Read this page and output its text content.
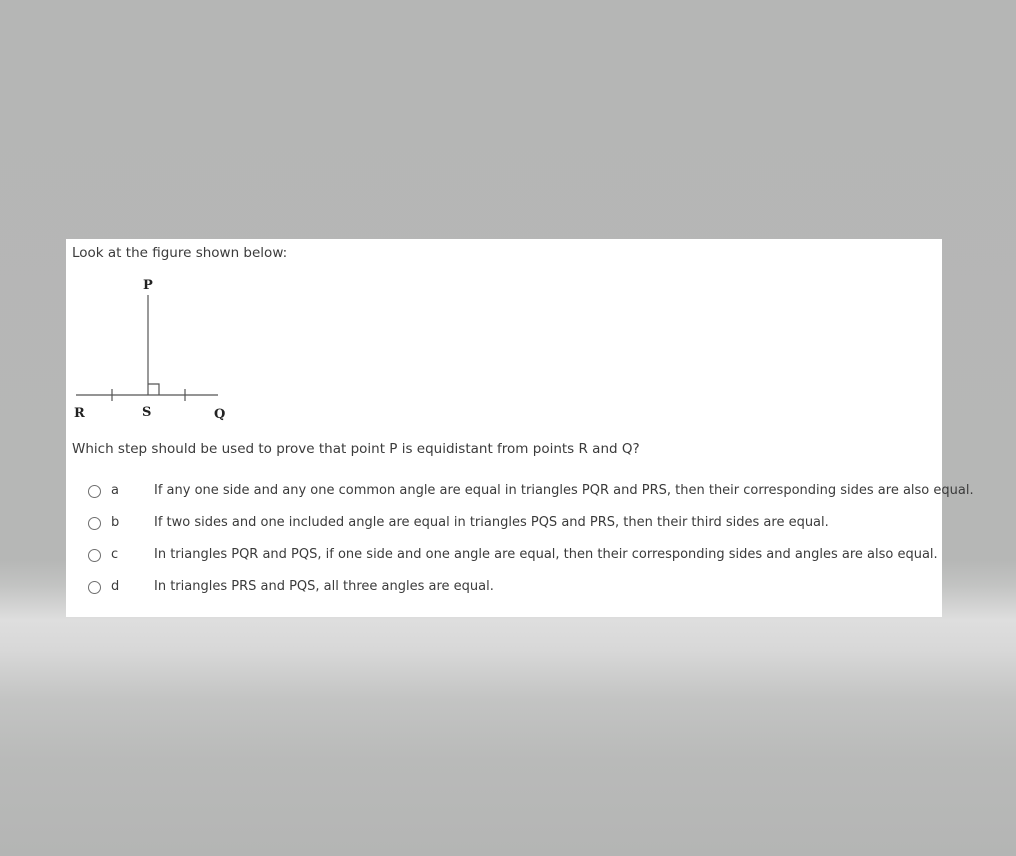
Look at the figure shown below:
P
R	S	Q
Which step should be used to prove that point P is equidistant from points R and Q?
a	If any one side and any one common angle are equal in triangles PQR and PRS, then their corresponding sides are also equal.
b	If two sides and one included angle are equal in triangles PQS and PRS, then their third sides are equal.
c	In triangles PQR and PQS, if one side and one angle are equal, then their corresponding sides and angles are also equal.
d	In triangles PRS and PQS, all three angles are equal.
